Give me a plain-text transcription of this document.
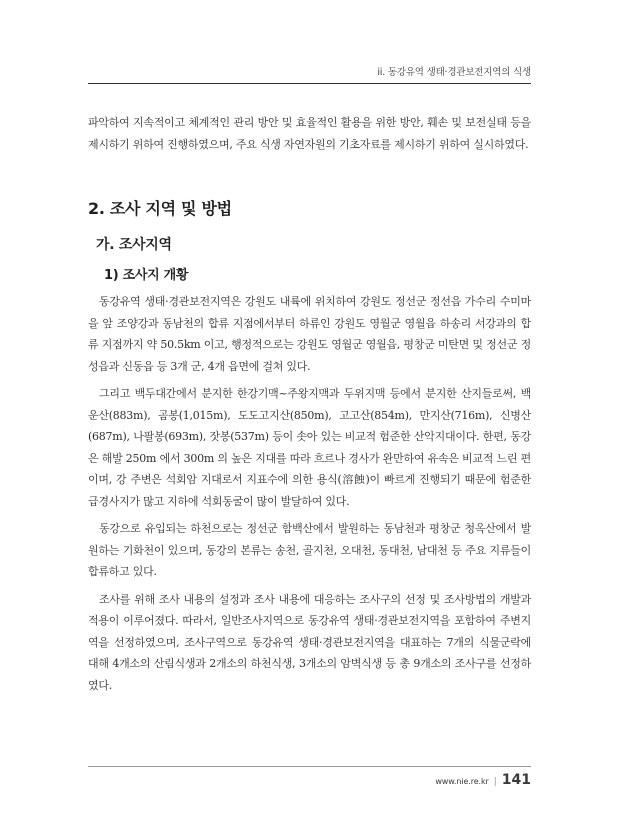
ii. 동강유역 생태·경관보전지역의 식생

파악하여 지속적이고 체계적인 관리 방안 및 효율적인 활용을 위한 방안, 훼손 및 보전실태 등을 제시하기 위하여 진행하였으며, 주요 식생 자연자원의 기초자료를 제시하기 위하여 실시하였다.

2. 조사 지역 및 방법
가. 조사지역
1) 조사지 개황

동강유역 생태·경관보전지역은 강원도 내륙에 위치하여 강원도 정선군 정선읍 가수리 수미마을 앞 조양강과 동남천의 합류 지점에서부터 하류인 강원도 영월군 영월읍 하송리 서강과의 합류 지점까지 약 50.5km 이고, 행정적으로는 강원도 영월군 영월읍, 평창군 미탄면 및 정선군 정성읍과 신동읍 등 3개 군, 4개 읍면에 걸쳐 있다.

그리고 백두대간에서 분지한 한강기맥~주왕지맥과 두위지맥 등에서 분지한 산지들로써, 백운산(883m), 곰봉(1,015m), 도도고지산(850m), 고고산(854m), 만지산(716m), 신병산(687m), 나팔봉(693m), 잣봉(537m) 등이 솟아 있는 비교적 험준한 산악지대이다. 한편, 동강은 해발 250m 에서 300m 의 높은 지대를 따라 흐르나 경사가 완만하여 유속은 비교적 느린 편이며, 강 주변은 석회암 지대로서 지표수에 의한 용식(溶蝕)이 빠르게 진행되기 때문에 험준한 급경사지가 많고 지하에 석회동굴이 많이 발달하여 있다.

동강으로 유입되는 하천으로는 정선군 함백산에서 발원하는 동남천과 평창군 청옥산에서 발원하는 기화천이 있으며, 동강의 본류는 송천, 골지천, 오대천, 동대천, 남대천 등 주요 지류들이 합류하고 있다.

조사를 위해 조사 내용의 설정과 조사 내용에 대응하는 조사구의 선정 및 조사방법의 개발과 적용이 이루어졌다. 따라서, 일반조사지역으로 동강유역 생태·경관보전지역을 포함하여 주변지역을 선정하였으며, 조사구역으로 동강유역 생태·경관보전지역을 대표하는 7개의 식물군락에 대해 4개소의 산림식생과 2개소의 하천식생, 3개소의 암벽식생 등 총 9개소의 조사구를 선정하였다.

www.nie.re.kr | 141
